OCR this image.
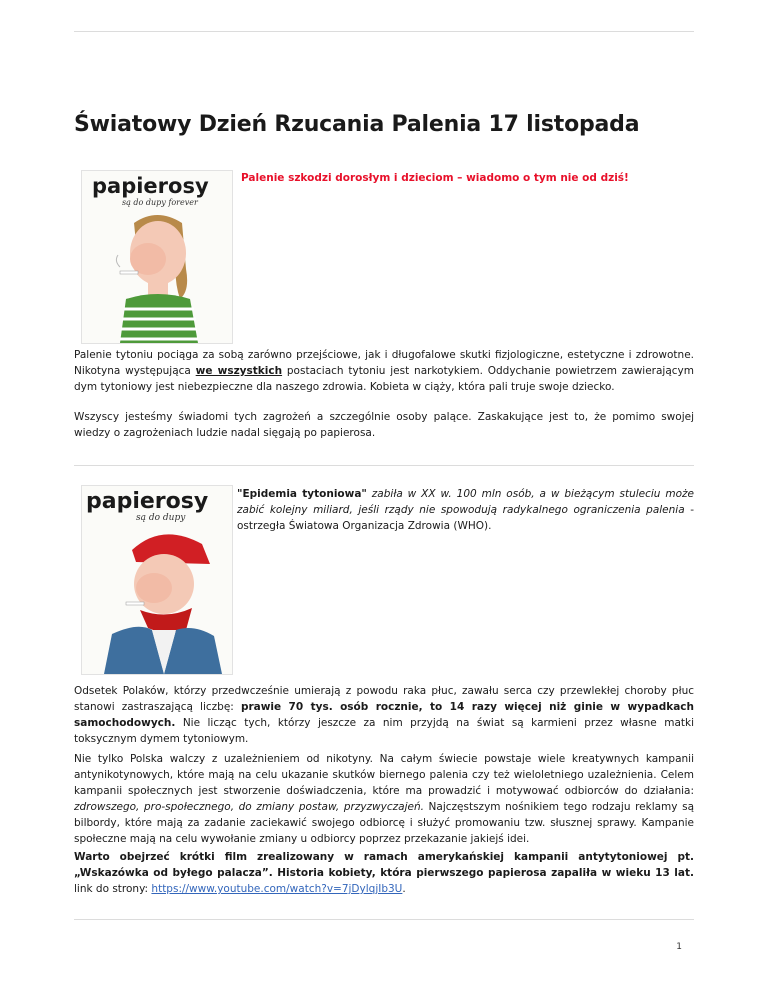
Światowy Dzień Rzucania Palenia 17 listopada
papierosy
są do dupy forever

Palenie szkodzi dorosłym i dzieciom – wiadomo o tym nie od dziś!

Palenie tytoniu pociąga za sobą zarówno przejściowe, jak i długofalowe skutki fizjologiczne, estetyczne i zdrowotne. Nikotyna występująca we wszystkich postaciach tytoniu jest narkotykiem. Oddychanie powietrzem zawierającym dym tytoniowy jest niebezpieczne dla naszego zdrowia. Kobieta w ciąży, która pali truje swoje dziecko.

Wszyscy jesteśmy świadomi tych zagrożeń a szczególnie osoby palące. Zaskakujące jest to, że pomimo swojej wiedzy o zagrożeniach ludzie nadal sięgają po papierosa.

papierosy
są do dupy

"Epidemia tytoniowa" zabiła w XX w. 100 mln osób, a w bieżącym stuleciu może zabić kolejny miliard, jeśli rządy nie spowodują radykalnego ograniczenia palenia - ostrzegła Światowa Organizacja Zdrowia (WHO).

Odsetek Polaków, którzy przedwcześnie umierają z powodu raka płuc, zawału serca czy przewlekłej choroby płuc stanowi zastraszającą liczbę: prawie 70 tys. osób rocznie, to 14 razy więcej niż ginie w wypadkach samochodowych. Nie licząc tych, którzy jeszcze za nim przyjdą na świat są karmieni przez własne matki toksycznym dymem tytoniowym.

Nie tylko Polska walczy z uzależnieniem od nikotyny. Na całym świecie powstaje wiele kreatywnych kampanii antynikotynowych, które mają na celu ukazanie skutków biernego palenia czy też wieloletniego uzależnienia. Celem kampanii społecznych jest stworzenie doświadczenia, które ma prowadzić i motywować odbiorców do działania: zdrowszego, pro-społecznego, do zmiany postaw, przyzwyczajeń. Najczęstszym nośnikiem tego rodzaju reklamy są bilbordy, które mają za zadanie zaciekawić swojego odbiorcę i służyć promowaniu tzw. słusznej sprawy. Kampanie społeczne mają na celu wywołanie zmiany u odbiorcy poprzez przekazanie jakiejś idei.

Warto obejrzeć krótki film zrealizowany w ramach amerykańskiej kampanii antytytoniowej pt. „Wskazówka od byłego palacza”. Historia kobiety, która pierwszego papierosa zapaliła w wieku 13 lat. link do strony: https://www.youtube.com/watch?v=7jDylqjIb3U.

1
